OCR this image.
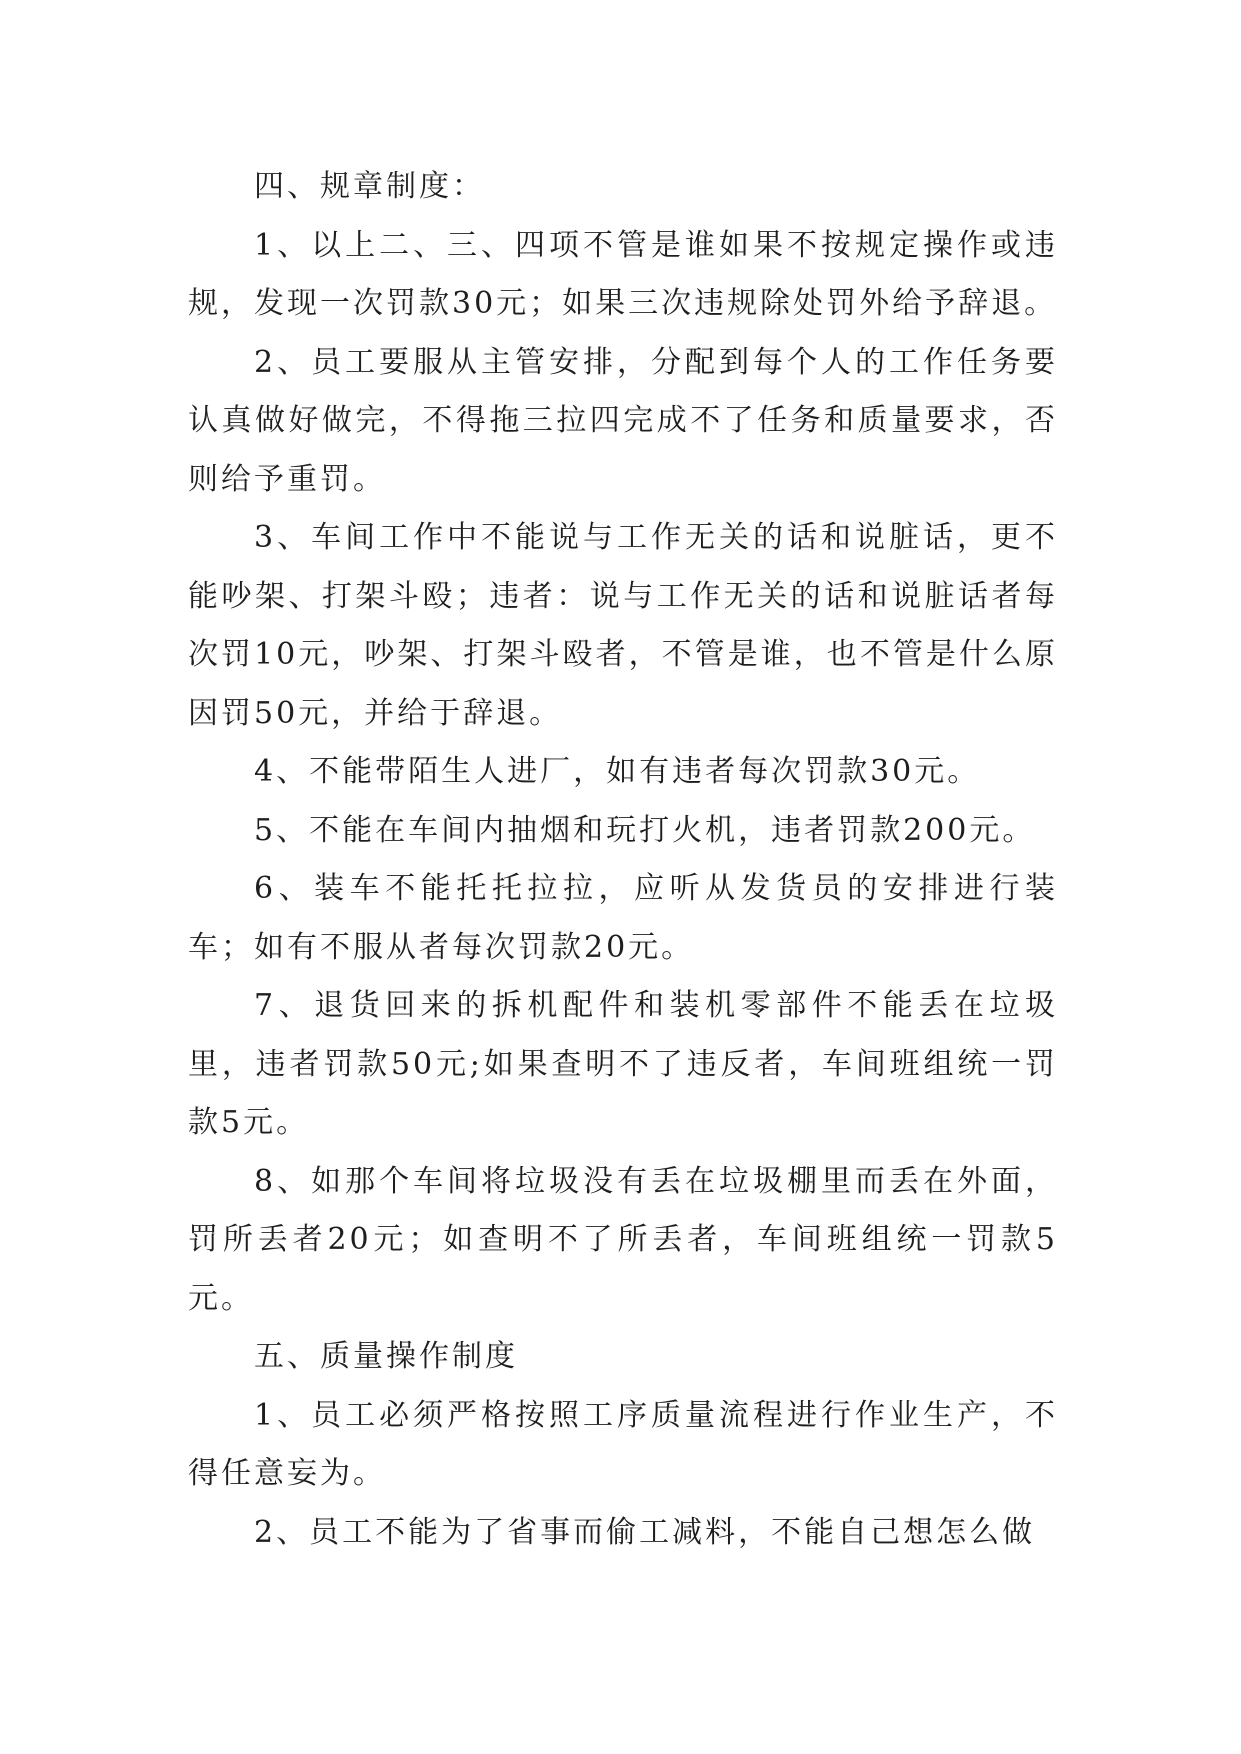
四、规章制度：

1、以上二、三、四项不管是谁如果不按规定操作或违规，发现一次罚款30元；如果三次违规除处罚外给予辞退。

2、员工要服从主管安排，分配到每个人的工作任务要认真做好做完，不得拖三拉四完成不了任务和质量要求，否则给予重罚。

3、车间工作中不能说与工作无关的话和说脏话，更不能吵架、打架斗殴；违者：说与工作无关的话和说脏话者每次罚10元，吵架、打架斗殴者，不管是谁，也不管是什么原因罚50元，并给于辞退。

4、不能带陌生人进厂，如有违者每次罚款30元。

5、不能在车间内抽烟和玩打火机，违者罚款200元。

6、装车不能托托拉拉，应听从发货员的安排进行装车；如有不服从者每次罚款20元。

7、退货回来的拆机配件和装机零部件不能丢在垃圾里，违者罚款50元;如果查明不了违反者，车间班组统一罚款5元。

8、如那个车间将垃圾没有丢在垃圾棚里而丢在外面，罚所丢者20元；如查明不了所丢者，车间班组统一罚款5元。

五、质量操作制度

1、员工必须严格按照工序质量流程进行作业生产，不得任意妄为。

2、员工不能为了省事而偷工减料，不能自己想怎么做
